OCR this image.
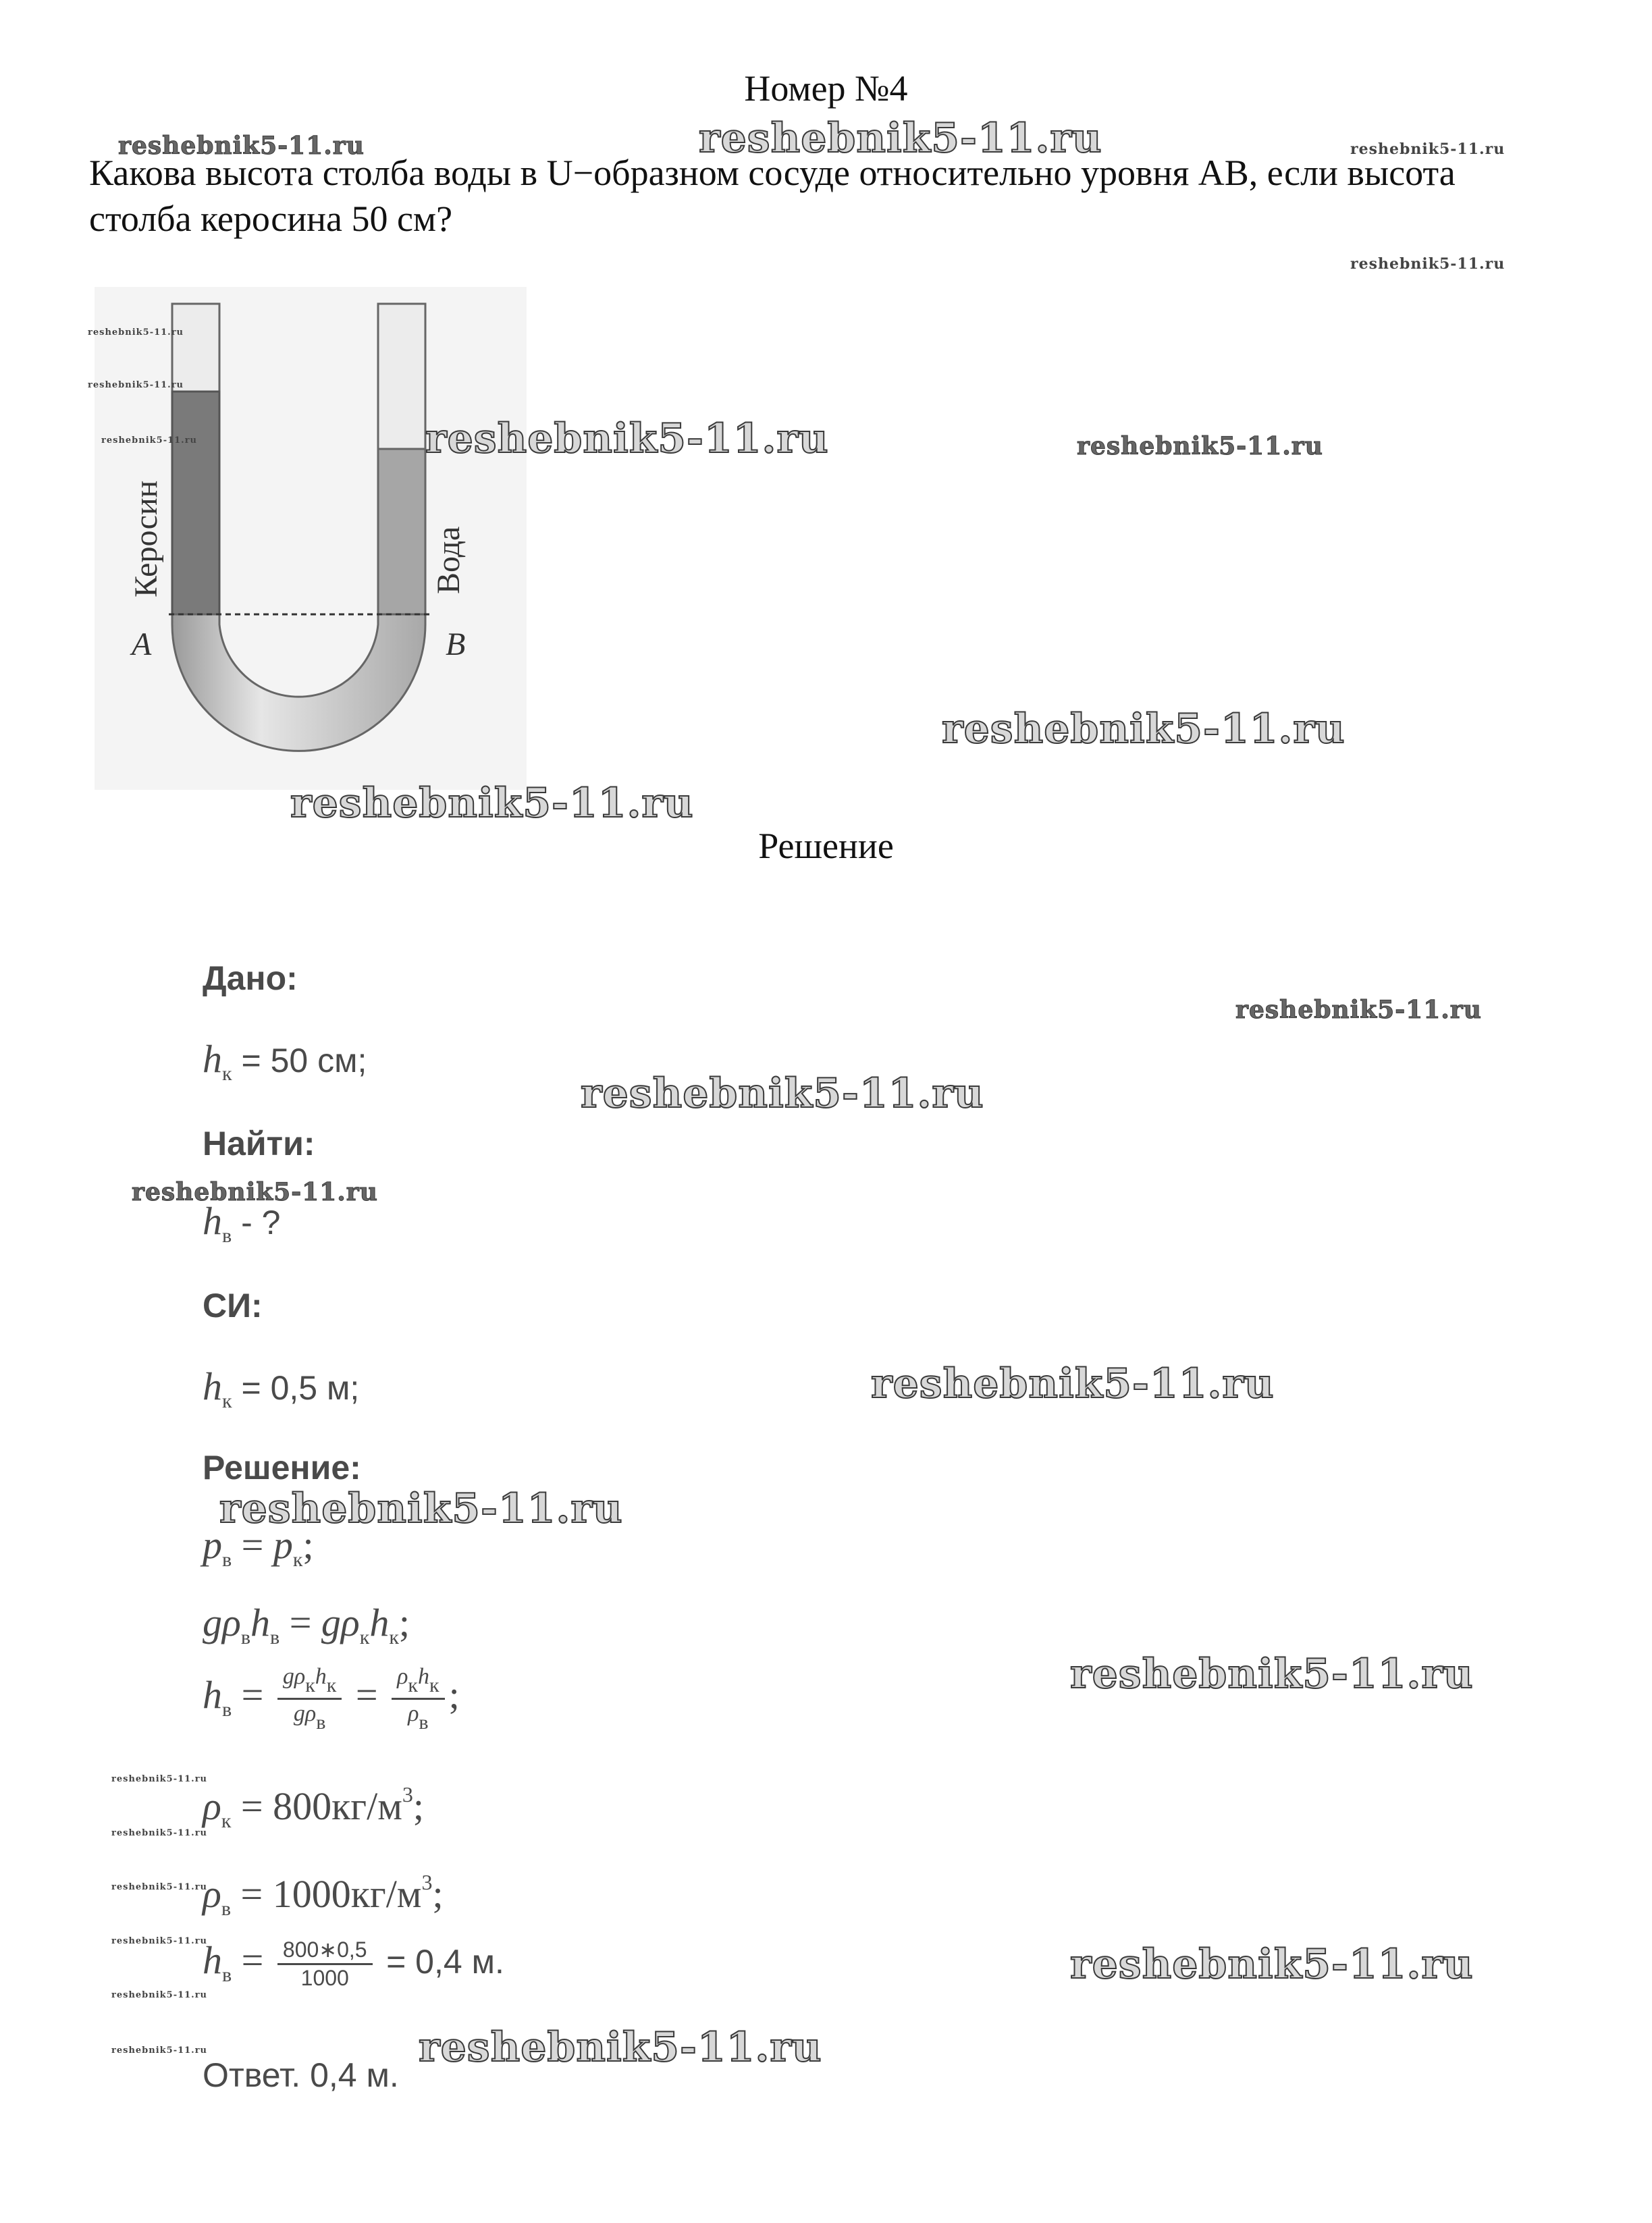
Номер №4
Какова высота столба воды в U−образном сосуде относительно уровня АВ, если высота столба керосина 50 см?
Керосин	Вода
A	B
Решение
Дано:
$h_к = 50$ см;
Найти:
$h_в$ - ?
СИ:
$h_к = 0,5$ м;
Решение:
$p_в = p_к$;
$g\rho_вh_в = g\rho_кh_к$;
$h_в = \frac{\text{gρкhк}}{\text{gρв}} = \frac{\text{ρкhк}}{\rho в}$ ;
$\rho_к = 800кг/м^3$;
$\rho_в = 1000кг/м^3$;
$h_в = \frac{800∗0,5}{1000} = 0,4$ м.
Ответ. 0,4 м.
reshebnik5-11.ru
reshebnik5-11.ru	reshebnik5-11.ru
reshebnik5-11.ru
reshebnik5-11.ru
reshebnik5-11.ru
reshebnik5-11.ru	reshebnik5-11.ru	reshebnik5-11.ru
reshebnik5-11.ru
reshebnik5-11.ru
reshebnik5-11.ru
reshebnik5-11.ru
reshebnik5-11.ru
reshebnik5-11.ru
reshebnik5-11.ru
reshebnik5-11.ru
reshebnik5-11.ru
reshebnik5-11.ru
reshebnik5-11.ru
reshebnik5-11.ru
reshebnik5-11.ru
reshebnik5-11.ru
reshebnik5-11.ru
reshebnik5-11.ru
